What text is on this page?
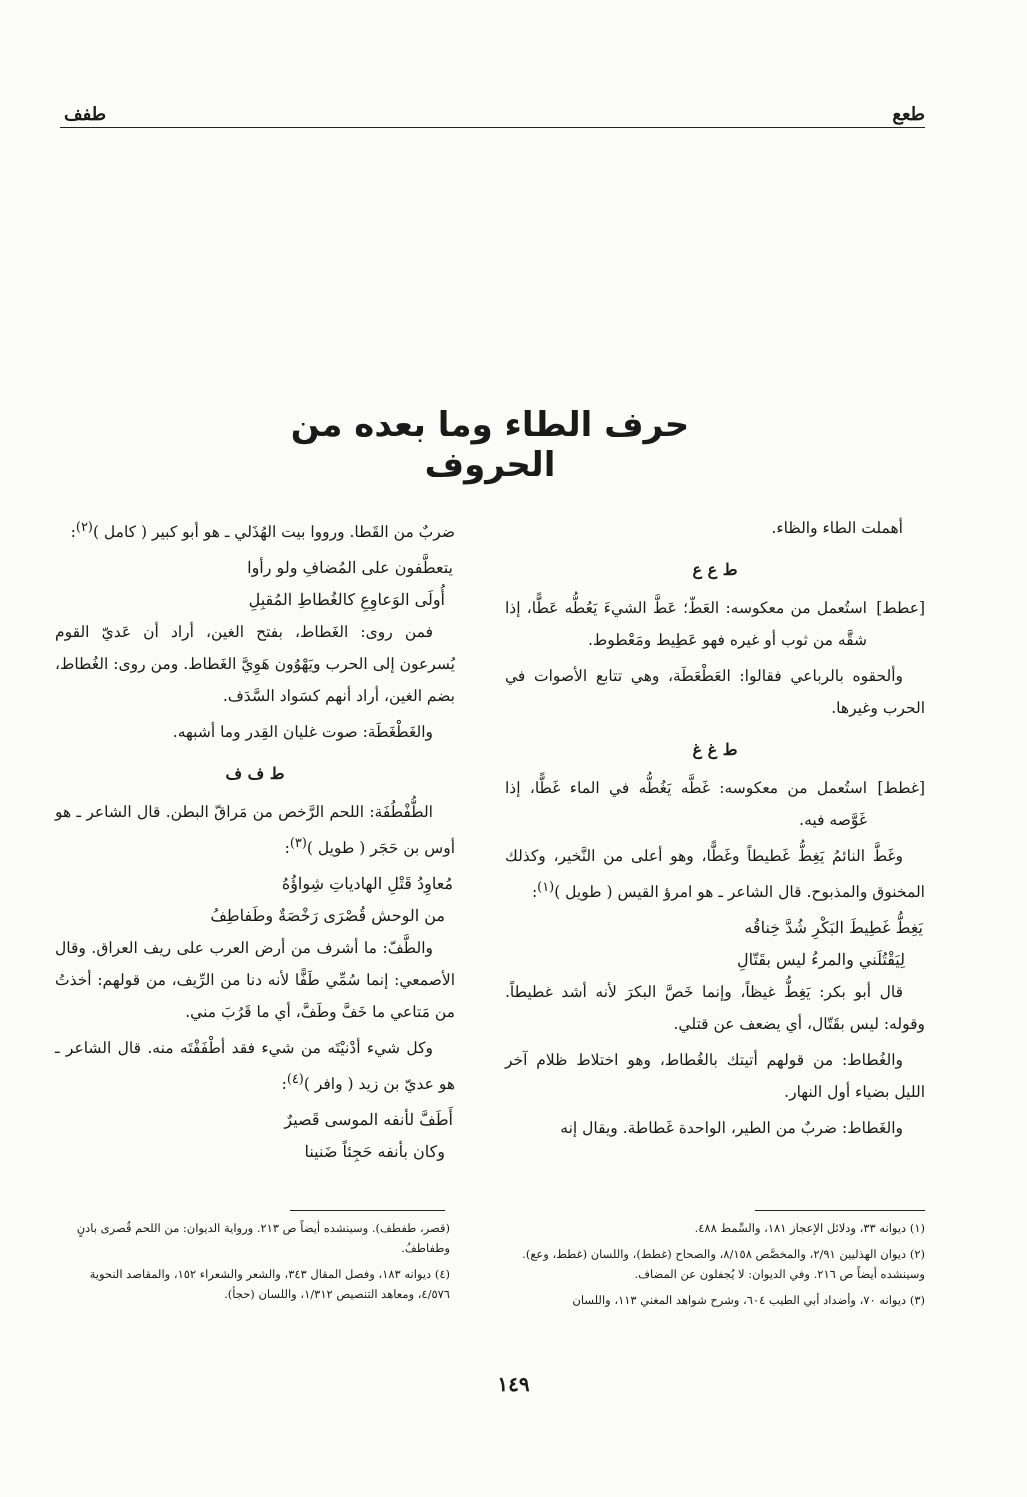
طعع
طفف
حرف الطاء وما بعده من الحروف

أهملت الطاء والظاء.

ط ع ع

[عطط]
استُعمل من معكوسه: العَطّ؛ عَطَّ الشيءَ يَعُطُّه عَطًّا، إذا شقَّه من ثوب أو غيره فهو عَطِيط ومَعْطوط.

وألحقوه بالرباعي فقالوا: العَطْعَطَة، وهي تتابع الأصوات في الحرب وغيرها.

ط غ غ

[غطط]
استُعمل من معكوسه: غَطَّه يَغُطُّه في الماء غَطًّا، إذا غَوَّصه فيه.

وغَطَّ النائمُ يَغِطُّ غَطيطاً وغَطًّا، وهو أعلى من النَّخير، وكذلك المخنوق والمذبوح. قال الشاعر ـ هو امرؤ القيس ( طويل )$^{(١)}$:

يَغِطُّ غَطِيطَ البَكْرِ شُدَّ خِناقُه
لِيَقْتُلَني والمرءُ ليس بقَتّالِ

قال أبو بكر: يَغِطُّ غيظاً، وإنما خَصَّ البكرَ لأنه أشد غطيطاً. وقوله: ليس بقَتّال، أي يضعف عن قتلي.

والغُطاط: من قولهم أتيتك بالغُطاط، وهو اختلاط ظلام آخر الليل بضياء أول النهار.

والغَطاط: ضربٌ من الطير، الواحدة غَطاطة. ويقال إنه

ضربٌ من القَطا. ورووا بيت الهُذَلي ـ هو أبو كبير ( كامل )$^{(٢)}$:

يتعطَّفون على المُضافِ ولو رأوا
أُولَى الوَعاوِعِ كالغُطاطِ المُقبِلِ

فمن روى: الغَطاط، بفتح الغين، أراد أن عَديّ القوم يُسرعون إلى الحرب ويَهْوُون هَوِيَّ الغَطاط. ومن روى: الغُطاط، بضم الغين، أراد أنهم كسَواد السَّدَف.

والغَطْغَطَة: صوت غليان القِدر وما أشبهه.

ط ف ف

الطُّفْطُفَة: اللحم الرَّخص من مَراقّ البطن. قال الشاعر ـ هو أوس بن حَجَر ( طويل )$^{(٣)}$:

مُعاوِدُ قَتْلِ الهادياتِ شِواؤُهُ
من الوحش قُصْرَى رَخْصَةٌ وطَفاطِفُ

والطَّفّ: ما أشرف من أرض العرب على ريف العراق. وقال الأصمعي: إنما سُمِّي طَفًّا لأنه دنا من الرِّيف، من قولهم: أخذتُ من مَتاعي ما خَفَّ وطَفَّ، أي ما قَرُبَ مني.

وكل شيء أدْنيْتَه من شيء فقد أطْفَفْتَه منه. قال الشاعر ـ هو عديّ بن زيد ( وافر )$^{(٤)}$:

أَطَفَّ لأنفه الموسى قَصيرٌ
وكان بأنفه حَجِئاً ضَنينا

(١) ديوانه ٣٣، ودلائل الإعجاز ١٨١، والسِّمط ٤٨٨.

(٢) ديوان الهذليين ٢/٩١، والمخصَّص ٨/١٥٨، والصحاح (غطط)، واللسان (غطط، وعع). وسينشده أيضاً ص ٢١٦. وفي الديوان: لا يُجفلون عن المضاف.

(٣) ديوانه ٧٠، وأضداد أبي الطيب ٦٠٤، وشرح شواهد المغني ١١٣، واللسان

(قصر، طفطف). وسينشده أيضاً ص ٢١٣. ورواية الديوان: من اللحم قُصرى بادنٍ وطفاطفُ.

(٤) ديوانه ١٨٣، وفصل المقال ٣٤٣، والشعر والشعراء ١٥٢، والمقاصد النحوية ٤/٥٧٦، ومعاهد التنصيص ١/٣١٢، واللسان (حجأ).

١٤٩
